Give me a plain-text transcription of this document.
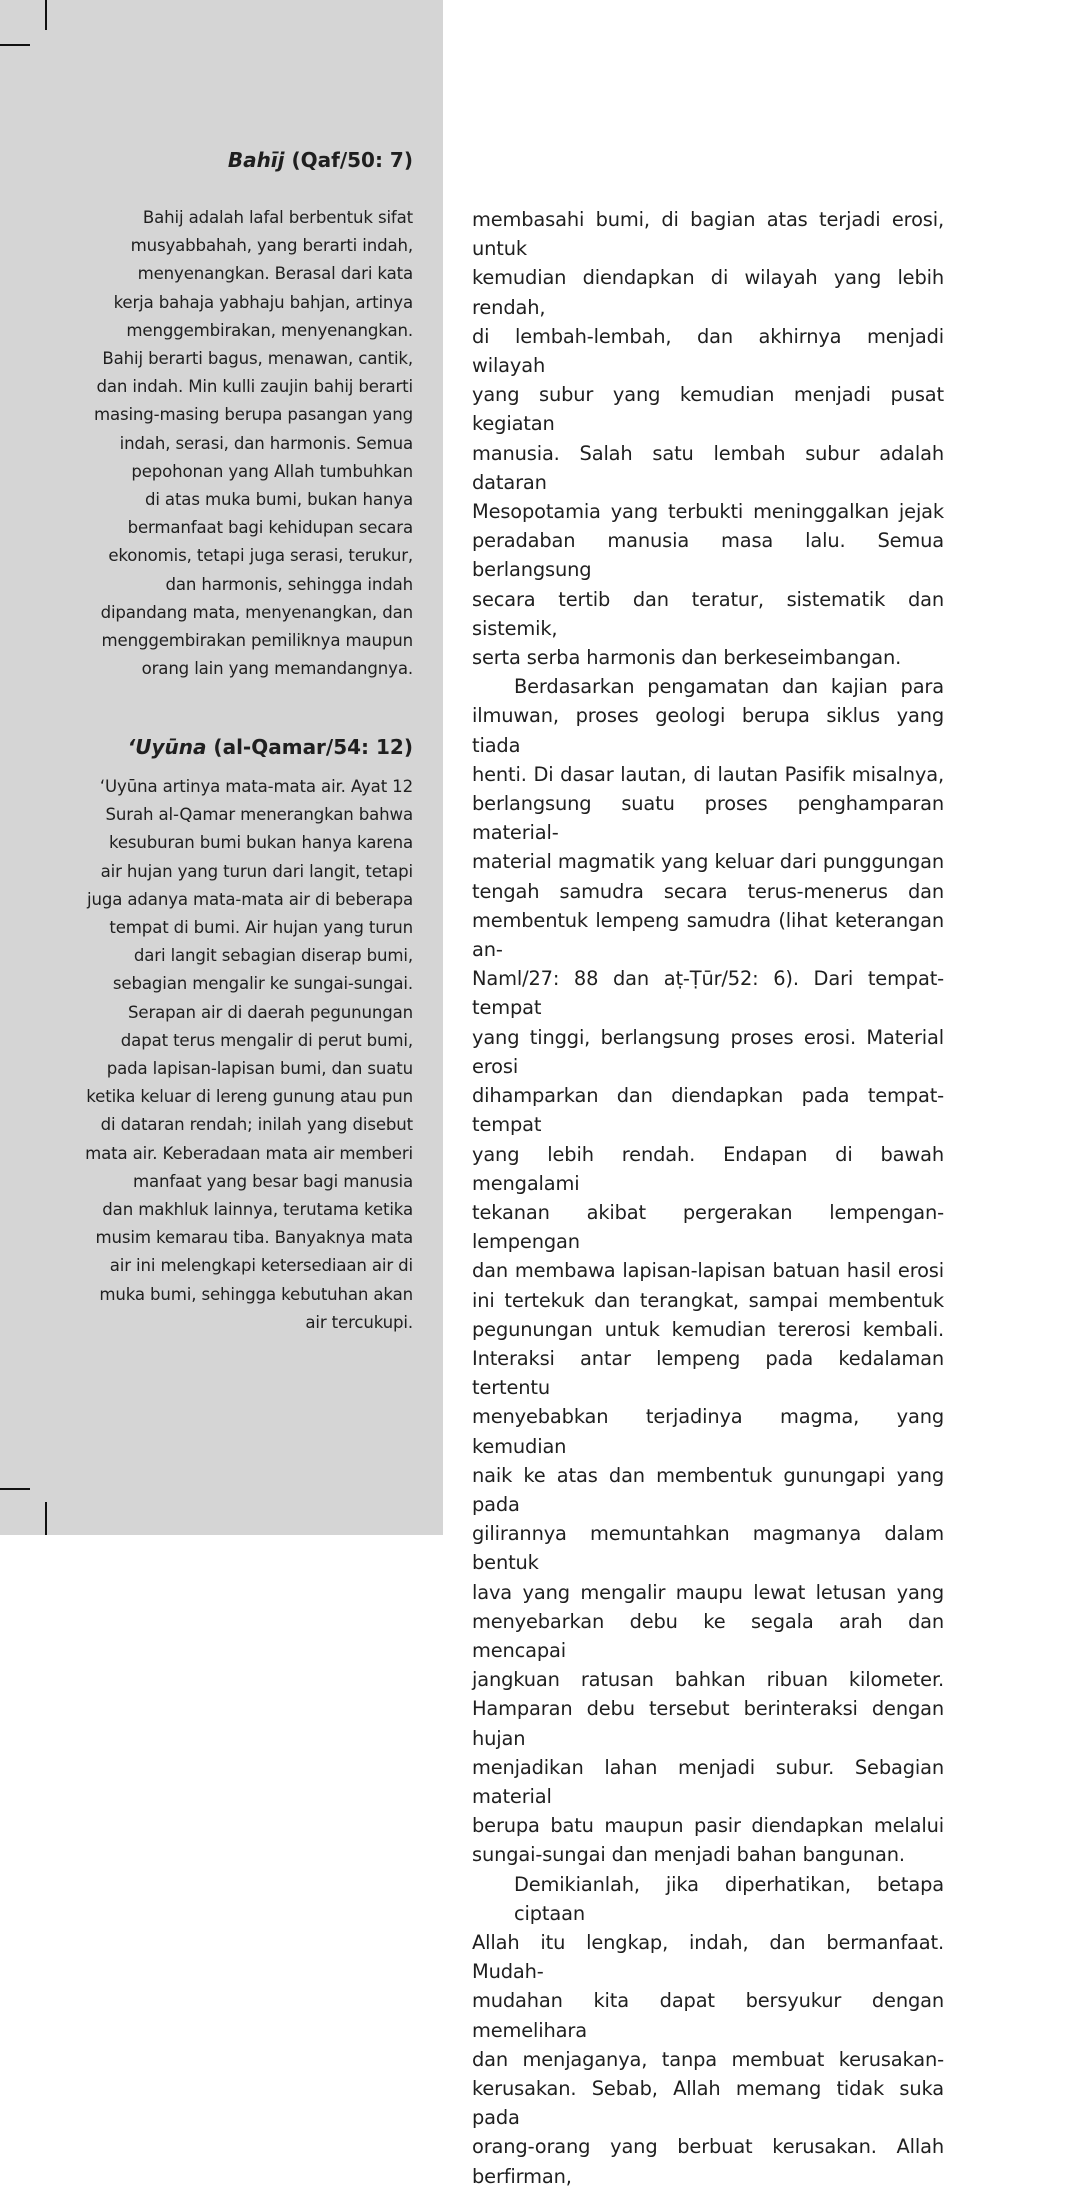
Bahīj (Qaf/50: 7)

Bahij adalah lafal berbentuk sifat
musyabbahah, yang berarti indah,
menyenangkan. Berasal dari kata
kerja bahaja yabhaju bahjan, artinya
menggembirakan, menyenangkan.
Bahij berarti bagus, menawan, cantik,
dan indah. Min kulli zaujin bahij berarti
masing-masing berupa pasangan yang
indah, serasi, dan harmonis. Semua
pepohonan yang Allah tumbuhkan
di atas muka bumi, bukan hanya
bermanfaat bagi kehidupan secara
ekonomis, tetapi juga serasi, terukur,
dan harmonis, sehingga indah
dipandang mata, menyenangkan, dan
menggembirakan pemiliknya maupun
orang lain yang memandangnya.

‘Uyūna (al-Qamar/54: 12)

‘Uyūna artinya mata-mata air. Ayat 12
Surah al-Qamar menerangkan bahwa
kesuburan bumi bukan hanya karena
air hujan yang turun dari langit, tetapi
juga adanya mata-mata air di beberapa
tempat di bumi. Air hujan yang turun
dari langit sebagian diserap bumi,
sebagian mengalir ke sungai-sungai.
Serapan air di daerah pegunungan
dapat terus mengalir di perut bumi,
pada lapisan-lapisan bumi, dan suatu
ketika keluar di lereng gunung atau pun
di dataran rendah; inilah yang disebut
mata air. Keberadaan mata air memberi
manfaat yang besar bagi manusia
dan makhluk lainnya, terutama ketika
musim kemarau tiba. Banyaknya mata
air ini melengkapi ketersediaan air di
muka bumi, sehingga kebutuhan akan
air tercukupi.

membasahi bumi, di bagian atas terjadi erosi, untuk
kemudian diendapkan di wilayah yang lebih rendah,
di lembah-lembah, dan akhirnya menjadi wilayah
yang subur yang kemudian menjadi pusat kegiatan
manusia. Salah satu lembah subur adalah dataran
Mesopotamia yang terbukti meninggalkan jejak
peradaban manusia masa lalu. Semua berlangsung
secara tertib dan teratur, sistematik dan sistemik,
serta serba harmonis dan berkeseimbangan.
Berdasarkan pengamatan dan kajian para
ilmuwan, proses geologi berupa siklus yang tiada
henti. Di dasar lautan, di lautan Pasifik misalnya,
berlangsung suatu proses penghamparan material-
material magmatik yang keluar dari punggungan
tengah samudra secara terus-menerus dan
membentuk lempeng samudra (lihat keterangan an-
Naml/27: 88 dan aṭ-Ṭūr/52: 6). Dari tempat-tempat
yang tinggi, berlangsung proses erosi. Material erosi
dihamparkan dan diendapkan pada tempat-tempat
yang lebih rendah. Endapan di bawah mengalami
tekanan akibat pergerakan lempengan-lempengan
dan membawa lapisan-lapisan batuan hasil erosi
ini tertekuk dan terangkat, sampai membentuk
pegunungan untuk kemudian tererosi kembali.
Interaksi antar lempeng pada kedalaman tertentu
menyebabkan terjadinya magma, yang kemudian
naik ke atas dan membentuk gunungapi yang pada
gilirannya memuntahkan magmanya dalam bentuk
lava yang mengalir maupu lewat letusan yang
menyebarkan debu ke segala arah dan mencapai
jangkuan ratusan bahkan ribuan kilometer.
Hamparan debu tersebut berinteraksi dengan hujan
menjadikan lahan menjadi subur. Sebagian material
berupa batu maupun pasir diendapkan melalui
sungai-sungai dan menjadi bahan bangunan.
Demikianlah, jika diperhatikan, betapa ciptaan
Allah itu lengkap, indah, dan bermanfaat. Mudah-
mudahan kita dapat bersyukur dengan memelihara
dan menjaganya, tanpa membuat kerusakan-
kerusakan. Sebab, Allah memang tidak suka pada
orang-orang yang berbuat kerusakan. Allah berfirman,
